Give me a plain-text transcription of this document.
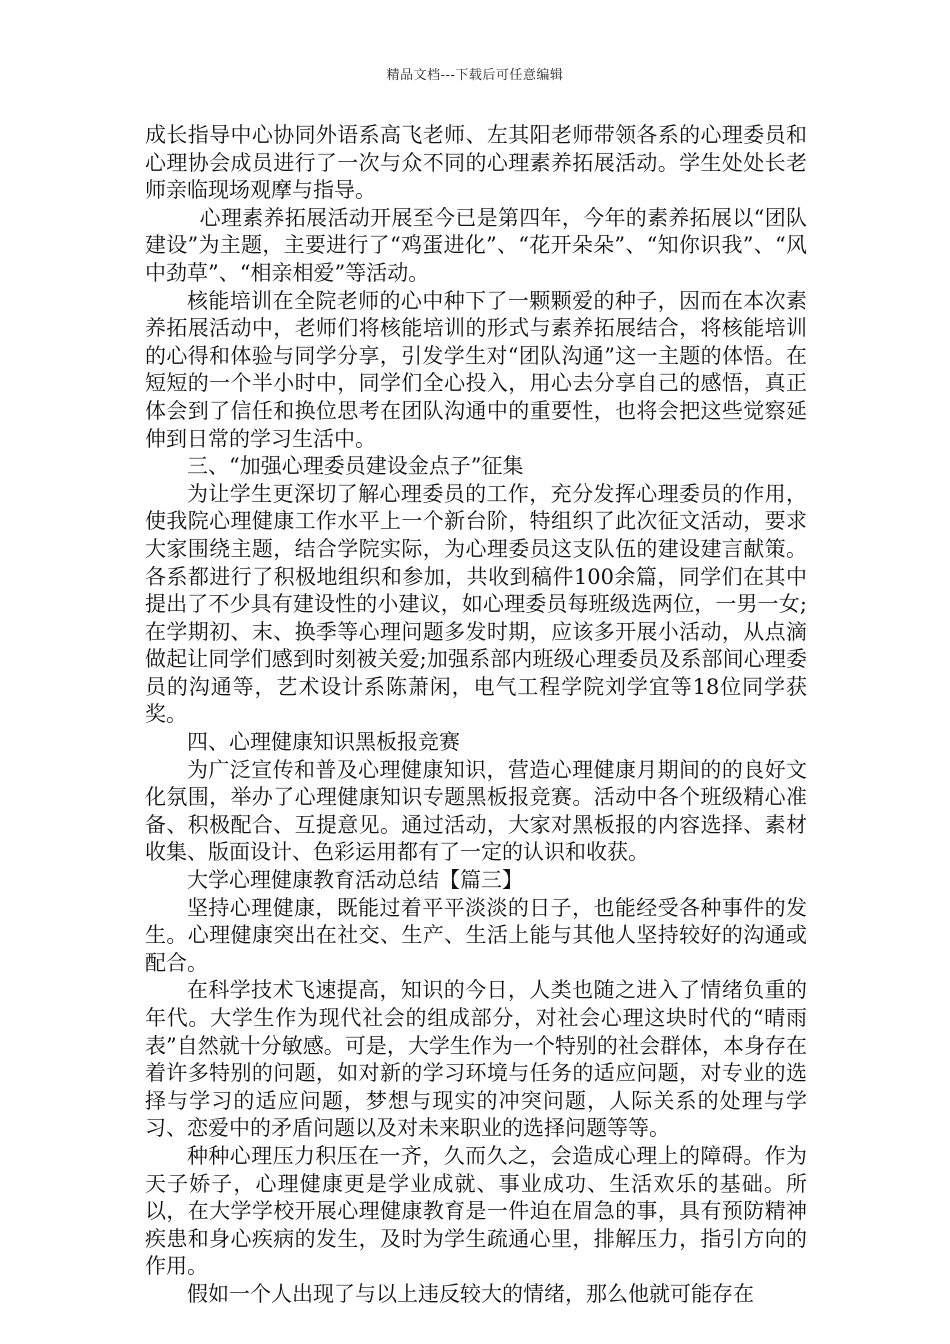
精品文档---下载后可任意编辑

成长指导中心协同外语系高飞老师、左其阳老师带领各系的心理委员和心理协会成员进行了一次与众不同的心理素养拓展活动。学生处处长老师亲临现场观摩与指导。

心理素养拓展活动开展至今已是第四年，今年的素养拓展以“团队建设”为主题，主要进行了“鸡蛋进化”、“花开朵朵”、“知你识我”、“风中劲草”、“相亲相爱”等活动。

核能培训在全院老师的心中种下了一颗颗爱的种子，因而在本次素养拓展活动中，老师们将核能培训的形式与素养拓展结合，将核能培训的心得和体验与同学分享，引发学生对“团队沟通”这一主题的体悟。在短短的一个半小时中，同学们全心投入，用心去分享自己的感悟，真正体会到了信任和换位思考在团队沟通中的重要性，也将会把这些觉察延伸到日常的学习生活中。

三、“加强心理委员建设金点子”征集

为让学生更深切了解心理委员的工作，充分发挥心理委员的作用，使我院心理健康工作水平上一个新台阶，特组织了此次征文活动，要求大家围绕主题，结合学院实际，为心理委员这支队伍的建设建言献策。各系都进行了积极地组织和参加，共收到稿件100余篇，同学们在其中提出了不少具有建设性的小建议，如心理委员每班级选两位，一男一女;在学期初、末、换季等心理问题多发时期，应该多开展小活动，从点滴做起让同学们感到时刻被关爱;加强系部内班级心理委员及系部间心理委员的沟通等，艺术设计系陈萧闲，电气工程学院刘学宜等18位同学获奖。

四、心理健康知识黑板报竞赛

为广泛宣传和普及心理健康知识，营造心理健康月期间的的良好文化氛围，举办了心理健康知识专题黑板报竞赛。活动中各个班级精心准备、积极配合、互提意见。通过活动，大家对黑板报的内容选择、素材收集、版面设计、色彩运用都有了一定的认识和收获。

大学心理健康教育活动总结【篇三】

坚持心理健康，既能过着平平淡淡的日子，也能经受各种事件的发生。心理健康突出在社交、生产、生活上能与其他人坚持较好的沟通或配合。

在科学技术飞速提高，知识的今日，人类也随之进入了情绪负重的年代。大学生作为现代社会的组成部分，对社会心理这块时代的“晴雨表”自然就十分敏感。可是，大学生作为一个特别的社会群体，本身存在着许多特别的问题，如对新的学习环境与任务的适应问题，对专业的选择与学习的适应问题，梦想与现实的冲突问题，人际关系的处理与学习、恋爱中的矛盾问题以及对未来职业的选择问题等等。

种种心理压力积压在一齐，久而久之，会造成心理上的障碍。作为天子娇子，心理健康更是学业成就、事业成功、生活欢乐的基础。所以，在大学学校开展心理健康教育是一件迫在眉急的事，具有预防精神疾患和身心疾病的发生，及时为学生疏通心里，排解压力，指引方向的作用。

假如一个人出现了与以上违反较大的情绪，那么他就可能存在
